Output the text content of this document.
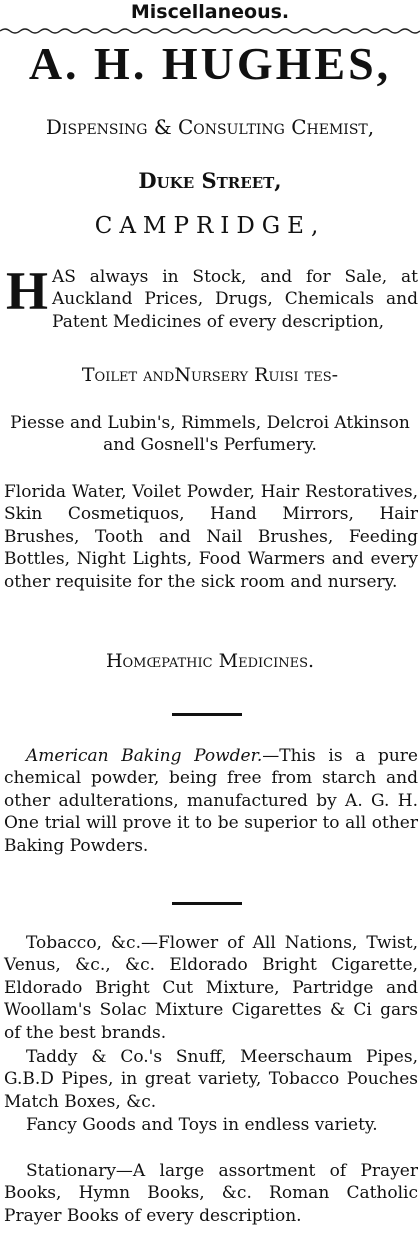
Miscellaneous.
A. H. HUGHES,
Dispensing & Consulting Chemist,
Duke Street,
CAMPRIDGE,
H AS always in Stock, and for Sale, at Auckland Prices, Drugs, Chemicals and Patent Medicines of every description,
Toilet andNursery Ruisi tes-
Piesse and Lubin's, Rimmels, Delcroi Atkinson and Gosnell's Perfumery.
Florida Water, Voilet Powder, Hair Restoratives, Skin Cosmetiquos, Hand Mirrors, Hair Brushes, Tooth and Nail Brushes, Feeding Bottles, Night Lights, Food Warmers and every other requisite for the sick room and nursery.
Homœpathic Medicines.
American Baking Powder.—This is a pure chemical powder, being free from starch and other adulterations, manufactured by A. G. H. One trial will prove it to be superior to all other Baking Powders.
Tobacco, &c.—Flower of All Nations, Twist, Venus, &c., &c. Eldorado Bright Cigarette, Eldorado Bright Cut Mixture, Partridge and Woollam's Solac Mixture Cigarettes & Ci gars of the best brands.
Taddy & Co.'s Snuff, Meerschaum Pipes, G.B.D Pipes, in great variety, Tobacco Pouches Match Boxes, &c.
Fancy Goods and Toys in endless variety.
Stationary—A large assortment of Prayer Books, Hymn Books, &c. Roman Catholic Prayer Books of every description.
